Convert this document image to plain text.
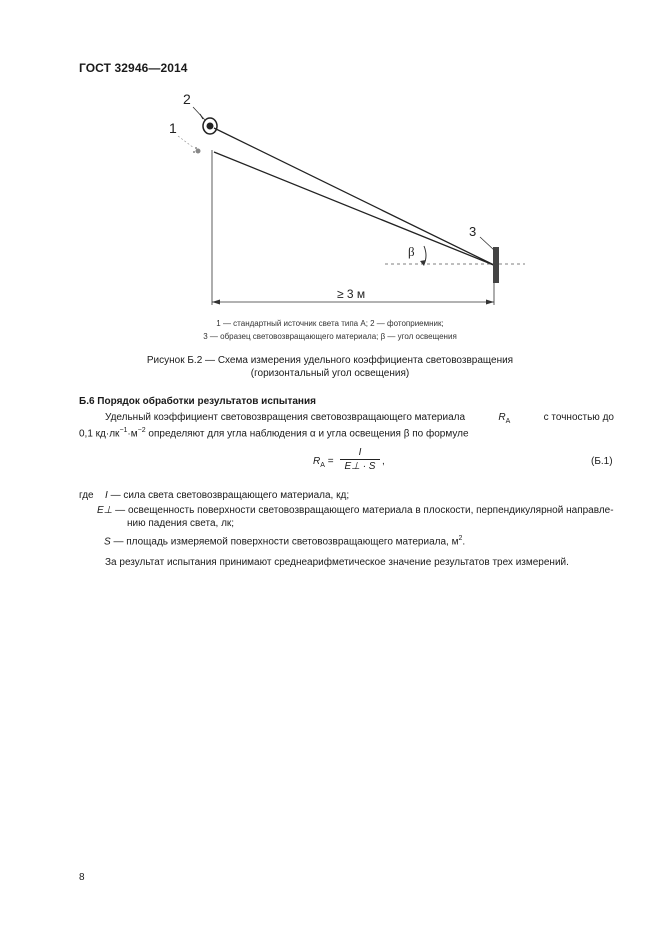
ГОСТ 32946—2014
2
1
3
β
≥ 3 м
1 — стандартный источник света типа А; 2 — фотоприемник;
3 — образец световозвращающего материала; β — угол освещения
Рисунок Б.2 — Схема измерения удельного коэффициента световозвращения
(горизонтальный угол освещения)
Б.6 Порядок обработки результатов испытания
Удельный коэффициент световозвращения световозвращающего материала	$R_А$	с точностью до
0,1 $кд\cdot лк^{-1}\cdot м^{-2}$ определяют для угла наблюдения α и угла освещения β по формуле
$R_А = \frac{I}{E\perp \cdot S}$ ,	(Б.1)
где I — сила света световозвращающего материала, кд;
E⊥ — освещенность поверхности световозвращающего материала в плоскости, перпендикулярной направле-
нию падения света, лк;
S — площадь измеряемой поверхности световозвращающего материала, $м^2$.
За результат испытания принимают среднеарифметическое значение результатов трех измерений.
8
